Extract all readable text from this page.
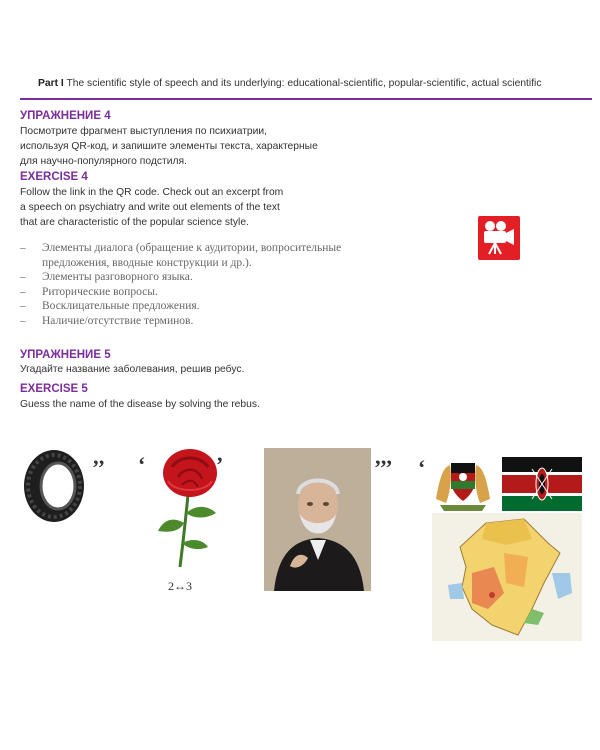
Part I The scientific style of speech and its underlying: educational-scientific, popular-scientific, actual scientific
УПРАЖНЕНИЕ 4
Посмотрите фрагмент выступления по психиатрии,
используя QR-код, и запишите элементы текста, характерные
для научно-популярного подстиля.
EXERCISE 4
Follow the link in the QR code. Check out an excerpt from
a speech on psychiatry and write out elements of the text
that are characteristic of the popular science style.
–	Элементы диалога (обращение к аудитории, вопросительные
предложения, вводные конструкции и др.).
–	Элементы разговорного языка.
–	Риторические вопросы.
–	Восклицательные предложения.
–	Наличие/отсутствие терминов.
УПРАЖНЕНИЕ 5
Угадайте название заболевания, решив ребус.
EXERCISE 5
Guess the name of the disease by solving the rebus.
’’ ‘	’
2↔3
’’’ ‘
